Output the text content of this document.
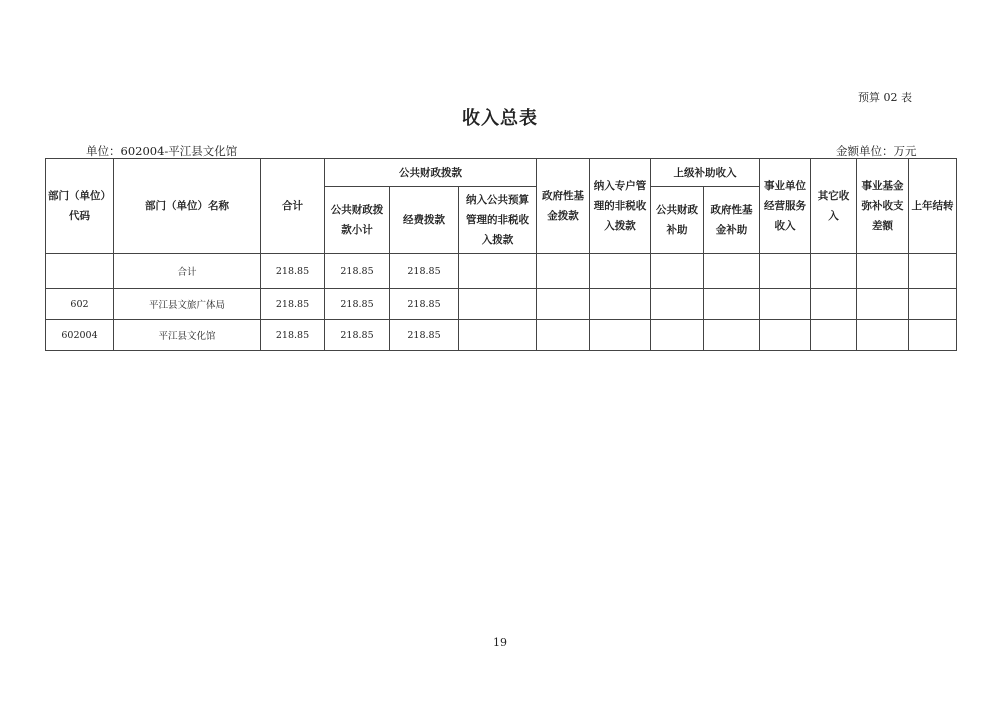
预算 02 表
收入总表
单位：602004-平江县文化馆	金额单位：万元
部门（单位）代码	部门（单位）名称	合计	公共财政拨款			政府性基金拨款	纳入专户管理的非税收入拨款	上级补助收入		事业单位经营服务收入	其它收入	事业基金弥补收支差额	上年结转
			公共财政拨款小计	经费拨款	纳入公共预算管理的非税收入拨款			公共财政补助	政府性基金补助				
	合计	218.85	218.85	218.85									
602	平江县文旅广体局	218.85	218.85	218.85									
602004	平江县文化馆	218.85	218.85	218.85									
19
